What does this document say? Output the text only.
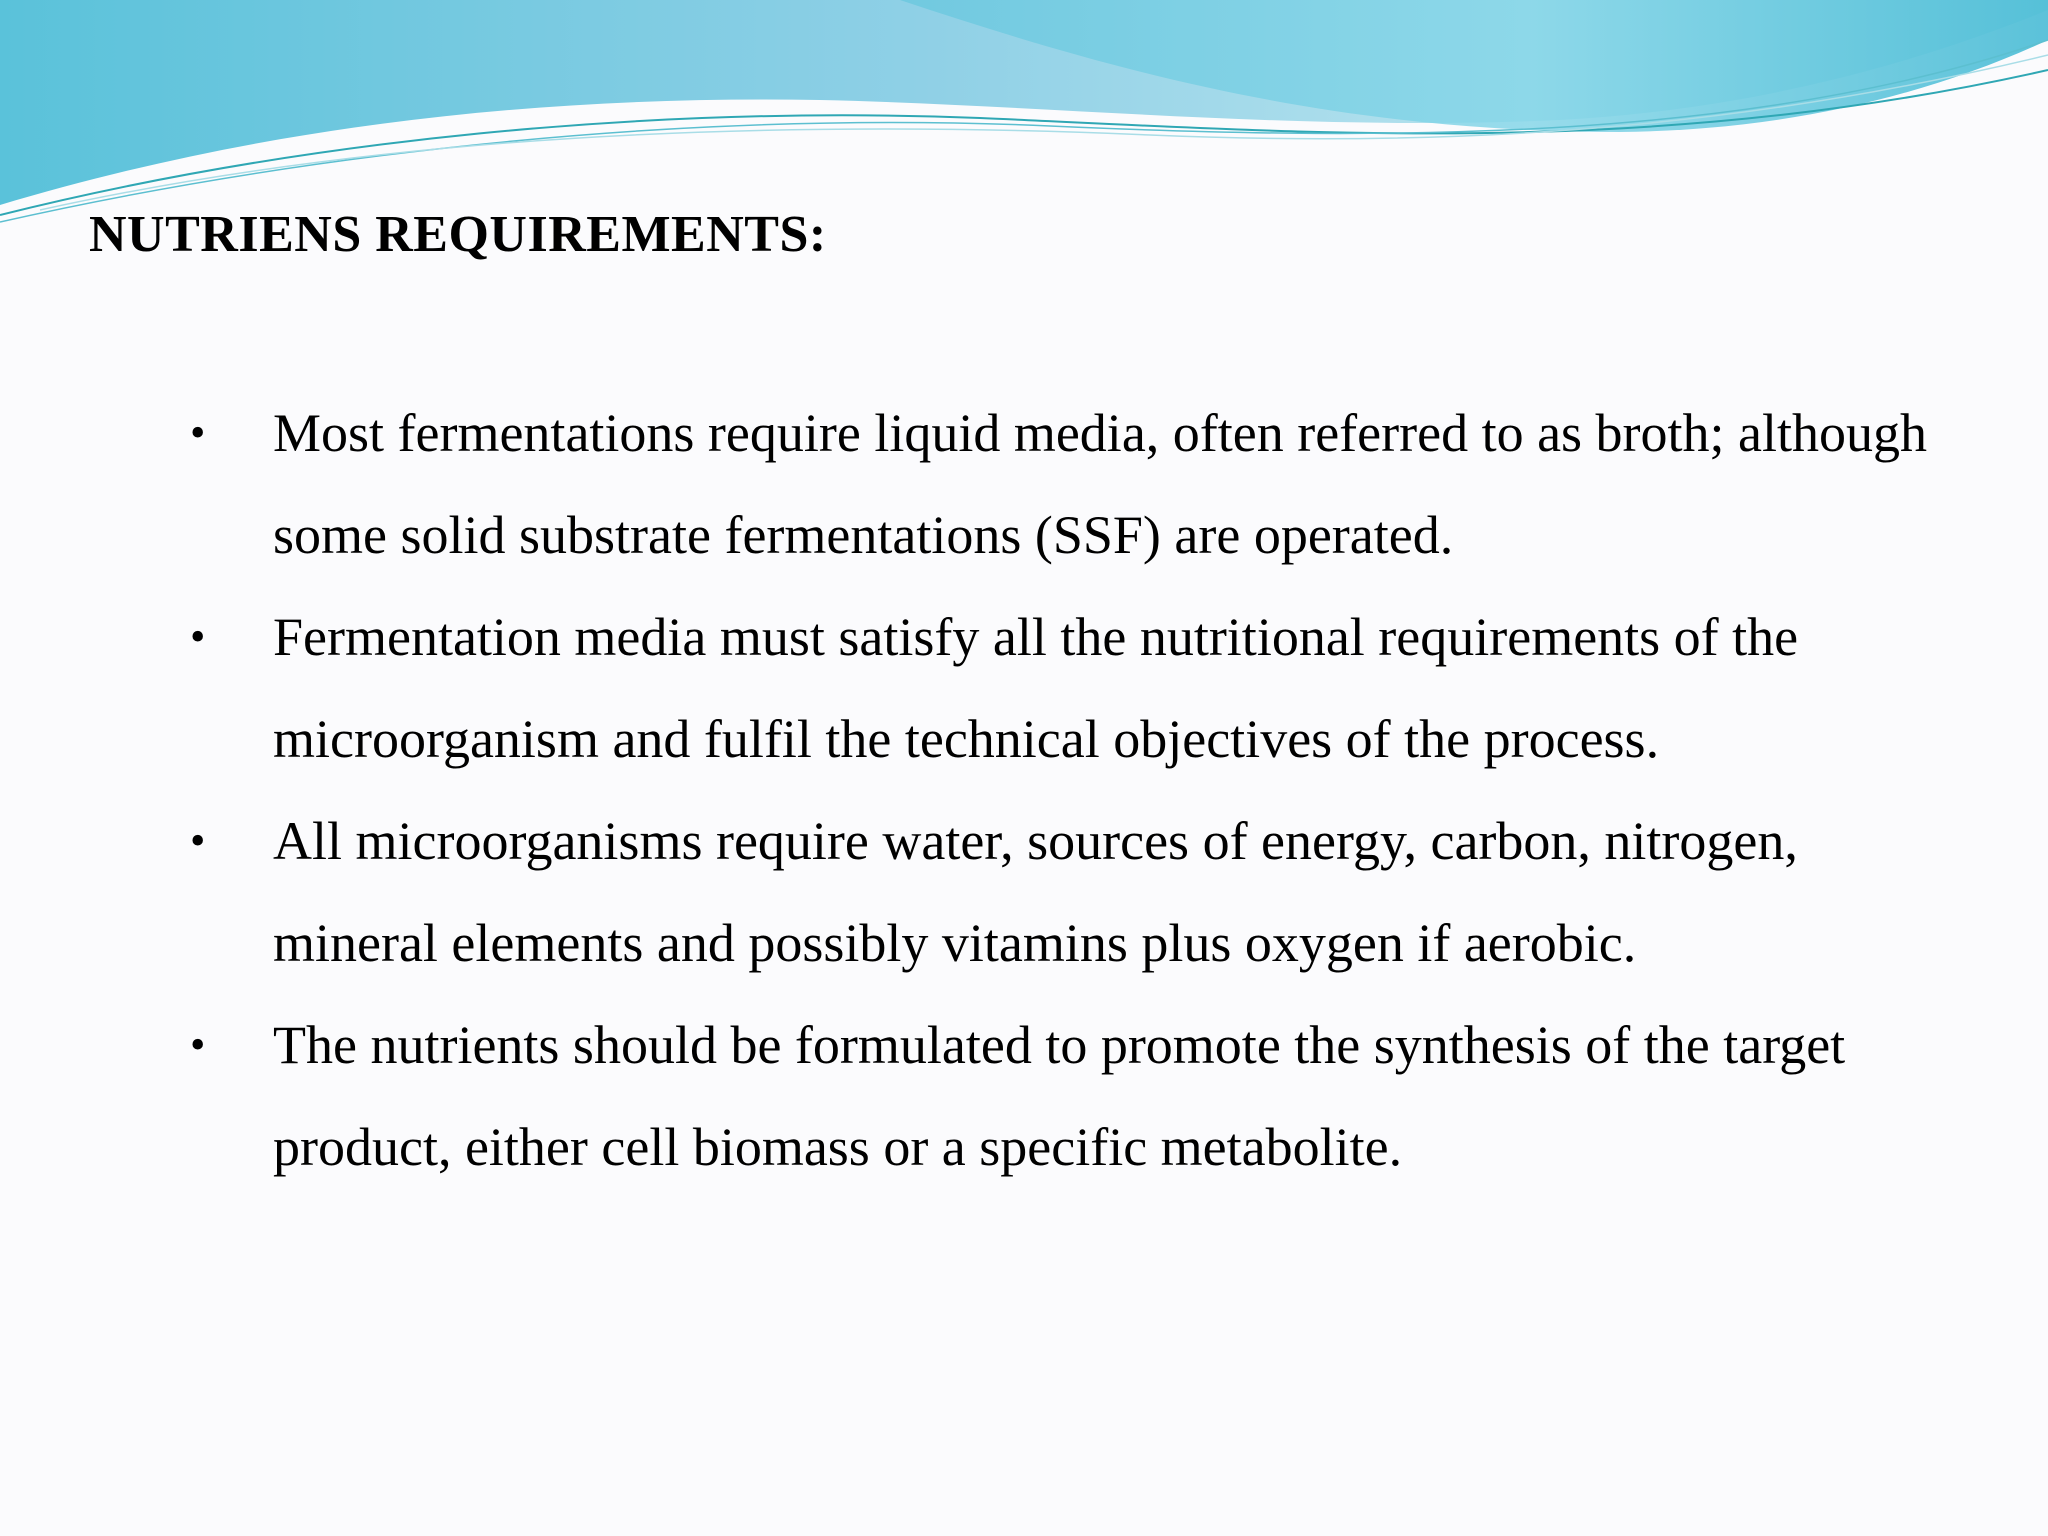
NUTRIENS REQUIREMENTS:
• Most fermentations require liquid media, often referred to as broth; although some solid substrate fermentations (SSF) are operated.
• Fermentation media must satisfy all the nutritional requirements of the microorganism and fulfil the technical objectives of the process.
• All microorganisms require water, sources of energy, carbon, nitrogen, mineral elements and possibly vitamins plus oxygen if aerobic.
• The nutrients should be formulated to promote the synthesis of the target product, either cell biomass or a specific metabolite.
